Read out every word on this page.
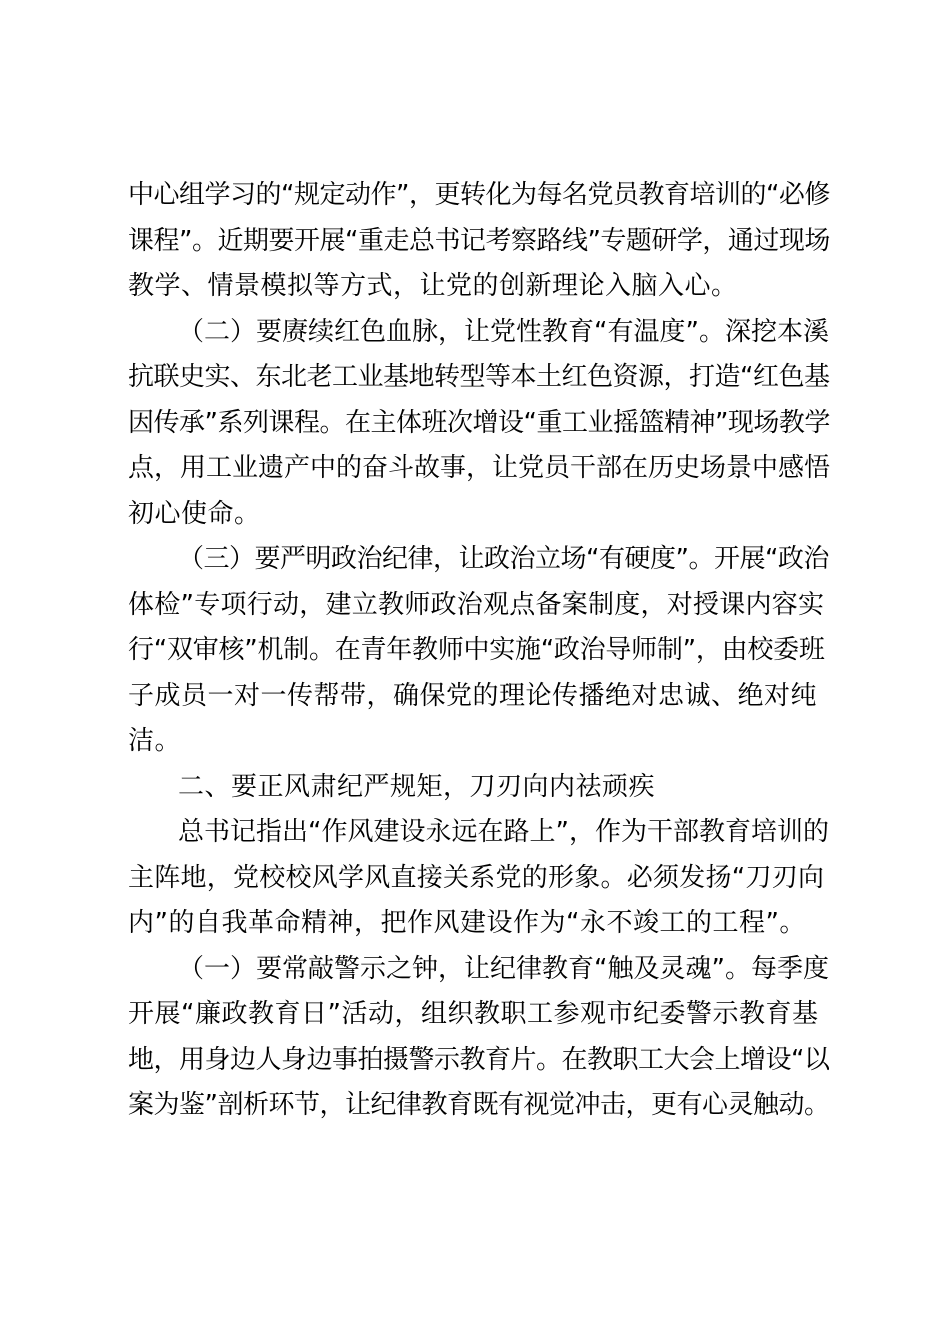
中心组学习的“规定动作”，更转化为每名党员教育培训的“必修
课程”。近期要开展“重走总书记考察路线”专题研学，通过现场
教学、情景模拟等方式，让党的创新理论入脑入心。
（二）要赓续红色血脉，让党性教育“有温度”。深挖本溪
抗联史实、东北老工业基地转型等本土红色资源，打造“红色基
因传承”系列课程。在主体班次增设“重工业摇篮精神”现场教学
点，用工业遗产中的奋斗故事，让党员干部在历史场景中感悟
初心使命。
（三）要严明政治纪律，让政治立场“有硬度”。开展“政治
体检”专项行动，建立教师政治观点备案制度，对授课内容实
行“双审核”机制。在青年教师中实施“政治导师制”，由校委班
子成员一对一传帮带，确保党的理论传播绝对忠诚、绝对纯
洁。
二、要正风肃纪严规矩，刀刃向内祛顽疾
总书记指出“作风建设永远在路上”，作为干部教育培训的
主阵地，党校校风学风直接关系党的形象。必须发扬“刀刃向
内”的自我革命精神，把作风建设作为“永不竣工的工程”。
（一）要常敲警示之钟，让纪律教育“触及灵魂”。每季度
开展“廉政教育日”活动，组织教职工参观市纪委警示教育基
地，用身边人身边事拍摄警示教育片。在教职工大会上增设“以
案为鉴”剖析环节，让纪律教育既有视觉冲击，更有心灵触动。
